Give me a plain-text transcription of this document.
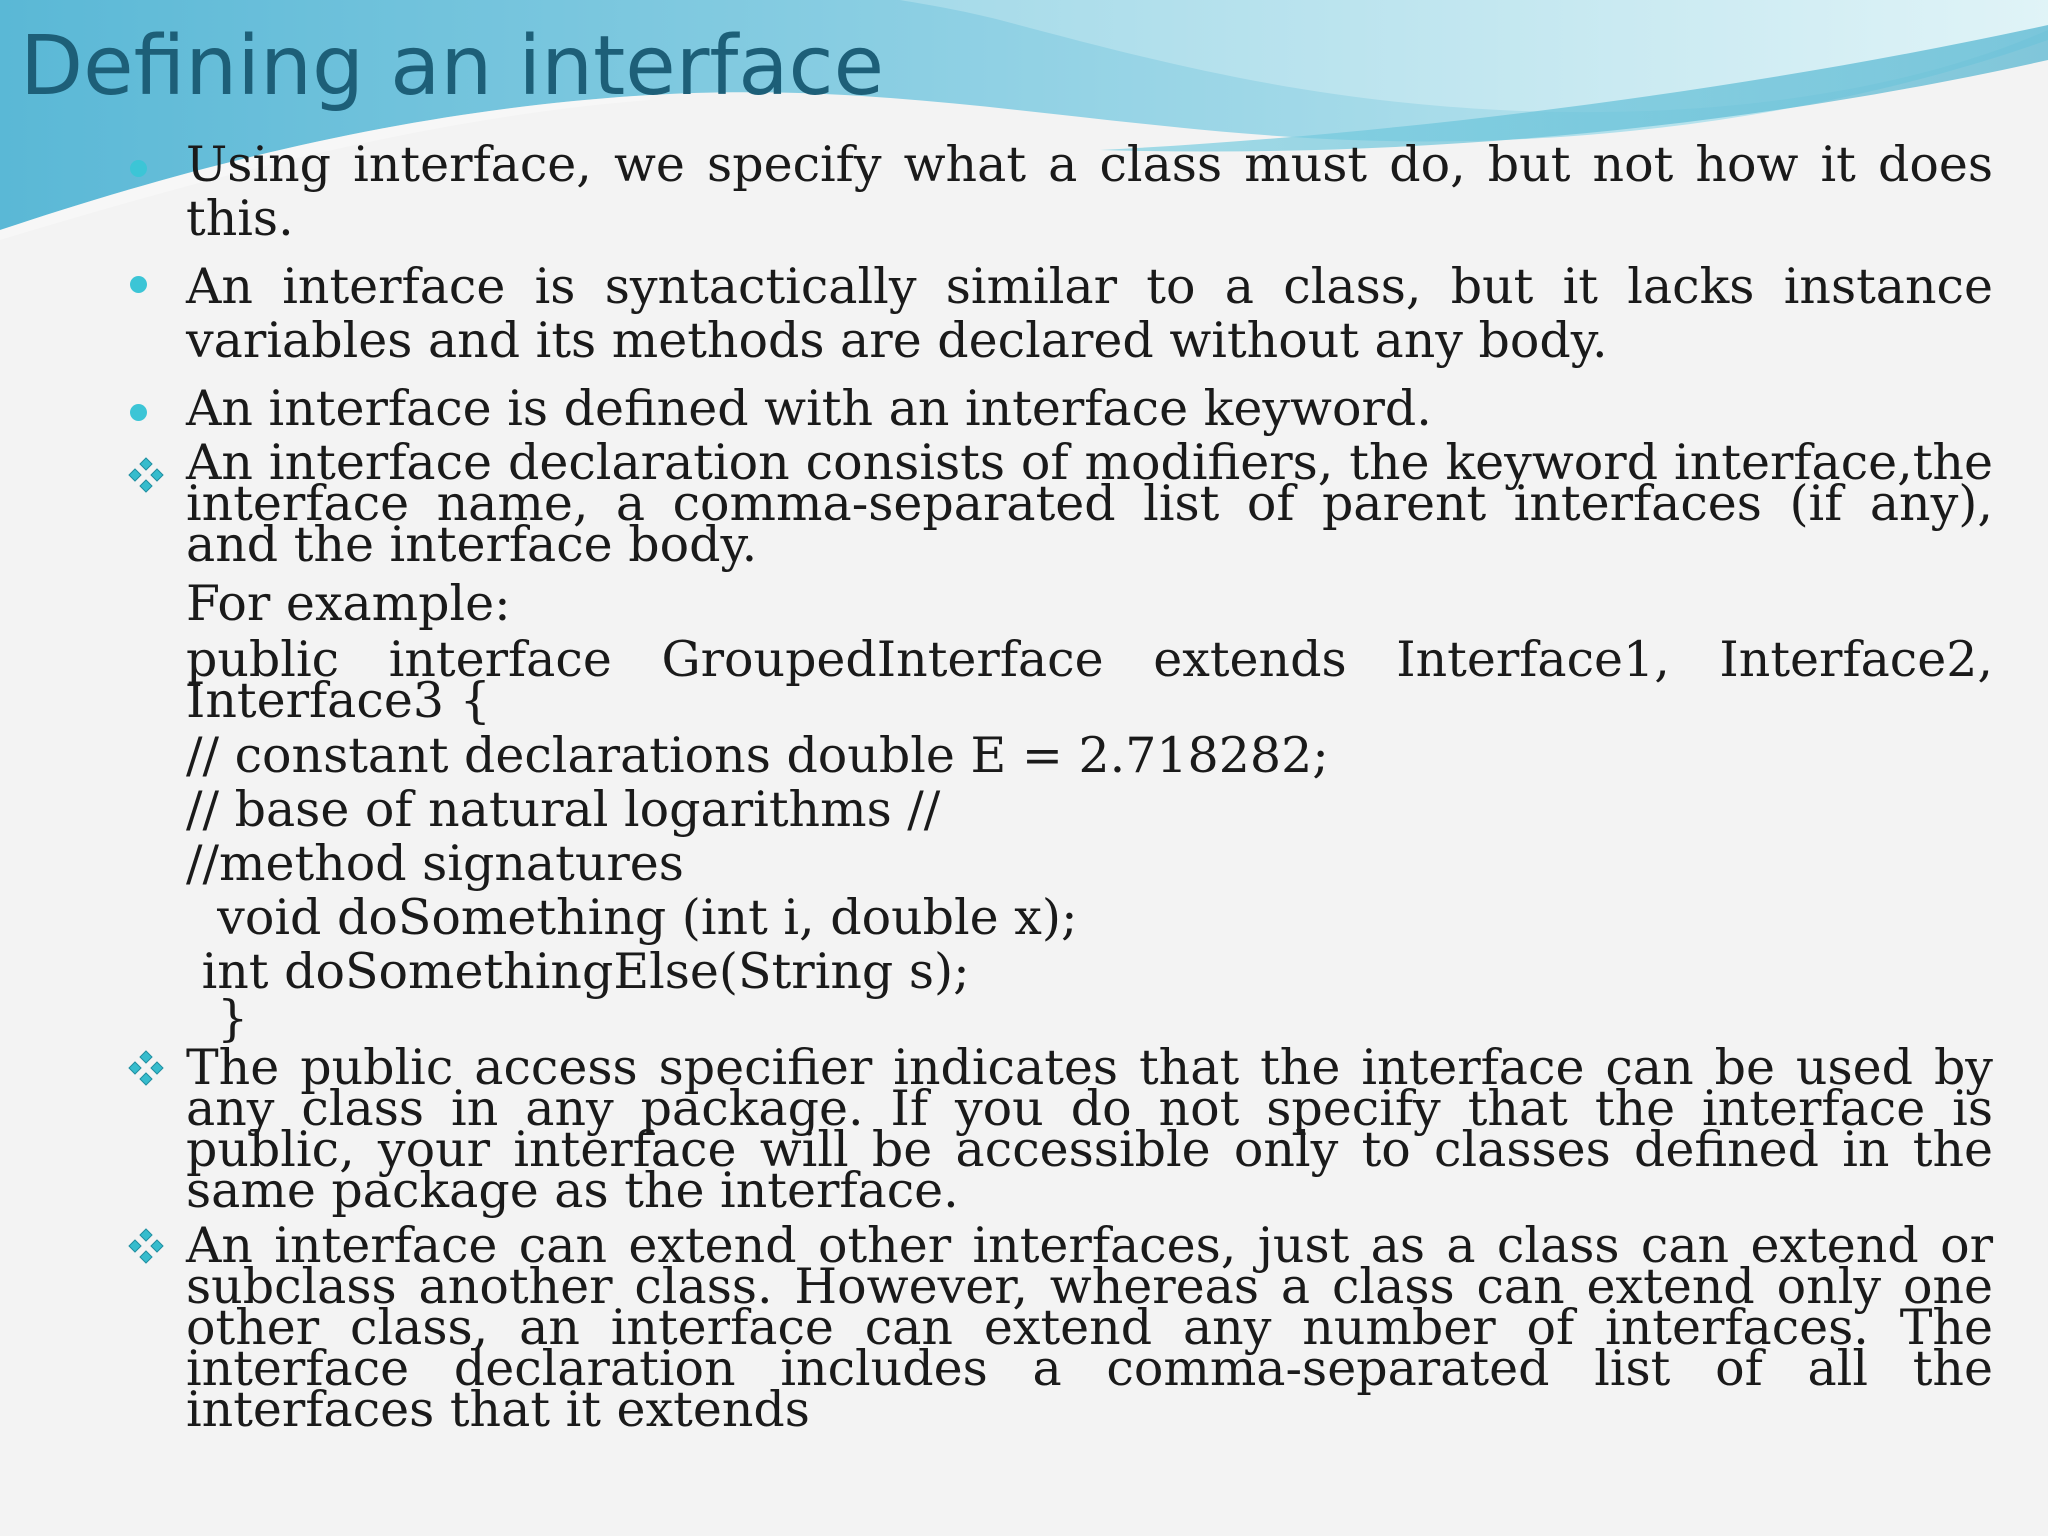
Defining an interface

Using interface, we specify what a class must do, but not how it does this.

An interface is syntactically similar to a class, but it lacks instance variables and its methods are declared without any body.

An interface is defined with an interface keyword.

An interface declaration consists of modifiers, the keyword interface,the interface name, a comma-separated list of parent interfaces (if any), and the interface body.

For example:

public interface GroupedInterface extends Interface1, Interface2, Interface3 {

// constant declarations double E = 2.718282;

// base of natural logarithms //

//method signatures

void doSomething (int i, double x);

int doSomethingElse(String s);

}

The public access specifier indicates that the interface can be used by any class in any package. If you do not specify that the interface is public, your interface will be accessible only to classes defined in the same package as the interface.

An interface can extend other interfaces, just as a class can extend or subclass another class. However, whereas a class can extend only one other class, an interface can extend any number of interfaces. The interface declaration includes a comma-separated list of all the interfaces that it extends
